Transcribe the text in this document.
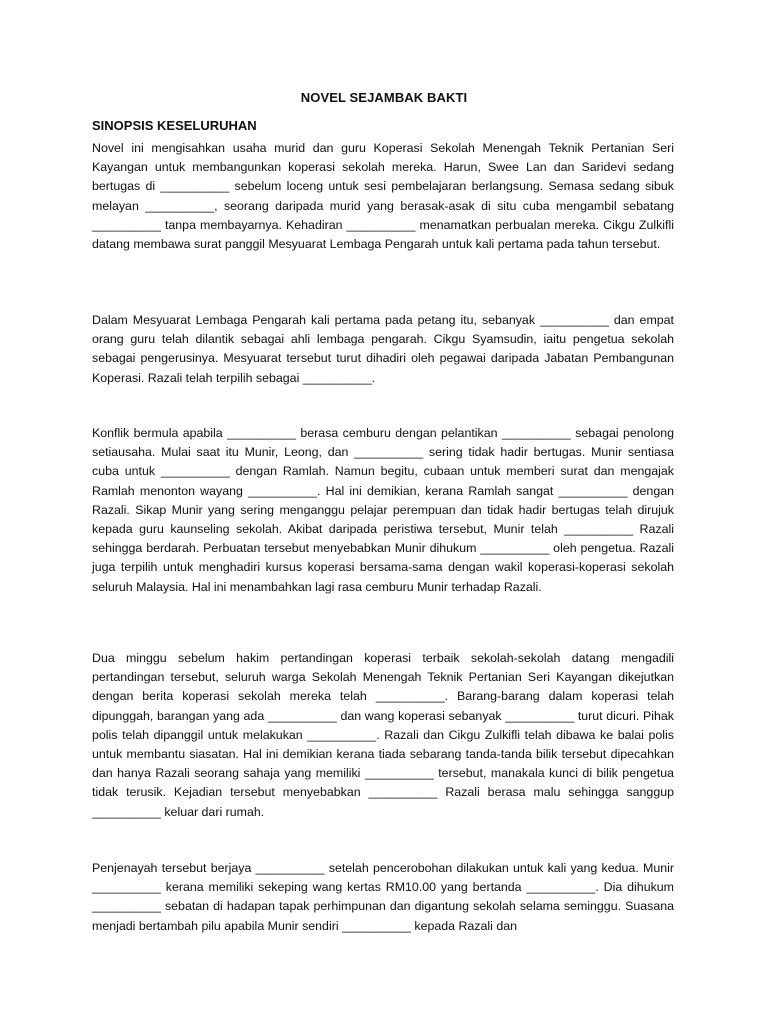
NOVEL SEJAMBAK BAKTI
SINOPSIS KESELURUHAN

Novel ini mengisahkan usaha murid dan guru Koperasi Sekolah Menengah Teknik Pertanian Seri Kayangan untuk membangunkan koperasi sekolah mereka. Harun, Swee Lan dan Saridevi sedang bertugas di __________ sebelum loceng untuk sesi pembelajaran berlangsung. Semasa sedang sibuk melayan __________, seorang daripada murid yang berasak-asak di situ cuba mengambil sebatang __________ tanpa membayarnya. Kehadiran __________ menamatkan perbualan mereka. Cikgu Zulkifli datang membawa surat panggil Mesyuarat Lembaga Pengarah untuk kali pertama pada tahun tersebut.

Dalam Mesyuarat Lembaga Pengarah kali pertama pada petang itu, sebanyak __________ dan empat orang guru telah dilantik sebagai ahli lembaga pengarah. Cikgu Syamsudin, iaitu pengetua sekolah sebagai pengerusinya. Mesyuarat tersebut turut dihadiri oleh pegawai daripada Jabatan Pembangunan Koperasi. Razali telah terpilih sebagai __________.

Konflik bermula apabila __________ berasa cemburu dengan pelantikan __________ sebagai penolong setiausaha. Mulai saat itu Munir, Leong, dan __________ sering tidak hadir bertugas. Munir sentiasa cuba untuk __________ dengan Ramlah. Namun begitu, cubaan untuk memberi surat dan mengajak Ramlah menonton wayang __________. Hal ini demikian, kerana Ramlah sangat __________ dengan Razali. Sikap Munir yang sering menganggu pelajar perempuan dan tidak hadir bertugas telah dirujuk kepada guru kaunseling sekolah. Akibat daripada peristiwa tersebut, Munir telah __________ Razali sehingga berdarah. Perbuatan tersebut menyebabkan Munir dihukum __________ oleh pengetua. Razali juga terpilih untuk menghadiri kursus koperasi bersama-sama dengan wakil koperasi-koperasi sekolah seluruh Malaysia. Hal ini menambahkan lagi rasa cemburu Munir terhadap Razali.

Dua minggu sebelum hakim pertandingan koperasi terbaik sekolah-sekolah datang mengadili pertandingan tersebut, seluruh warga Sekolah Menengah Teknik Pertanian Seri Kayangan dikejutkan dengan berita koperasi sekolah mereka telah __________. Barang-barang dalam koperasi telah dipunggah, barangan yang ada __________ dan wang koperasi sebanyak __________ turut dicuri. Pihak polis telah dipanggil untuk melakukan __________. Razali dan Cikgu Zulkifli telah dibawa ke balai polis untuk membantu siasatan. Hal ini demikian kerana tiada sebarang tanda-tanda bilik tersebut dipecahkan dan hanya Razali seorang sahaja yang memiliki __________ tersebut, manakala kunci di bilik pengetua tidak terusik. Kejadian tersebut menyebabkan __________ Razali berasa malu sehingga sanggup __________ keluar dari rumah.

Penjenayah tersebut berjaya __________ setelah pencerobohan dilakukan untuk kali yang kedua. Munir __________ kerana memiliki sekeping wang kertas RM10.00 yang bertanda __________. Dia dihukum __________ sebatan di hadapan tapak perhimpunan dan digantung sekolah selama seminggu. Suasana menjadi bertambah pilu apabila Munir sendiri __________ kepada Razali dan
